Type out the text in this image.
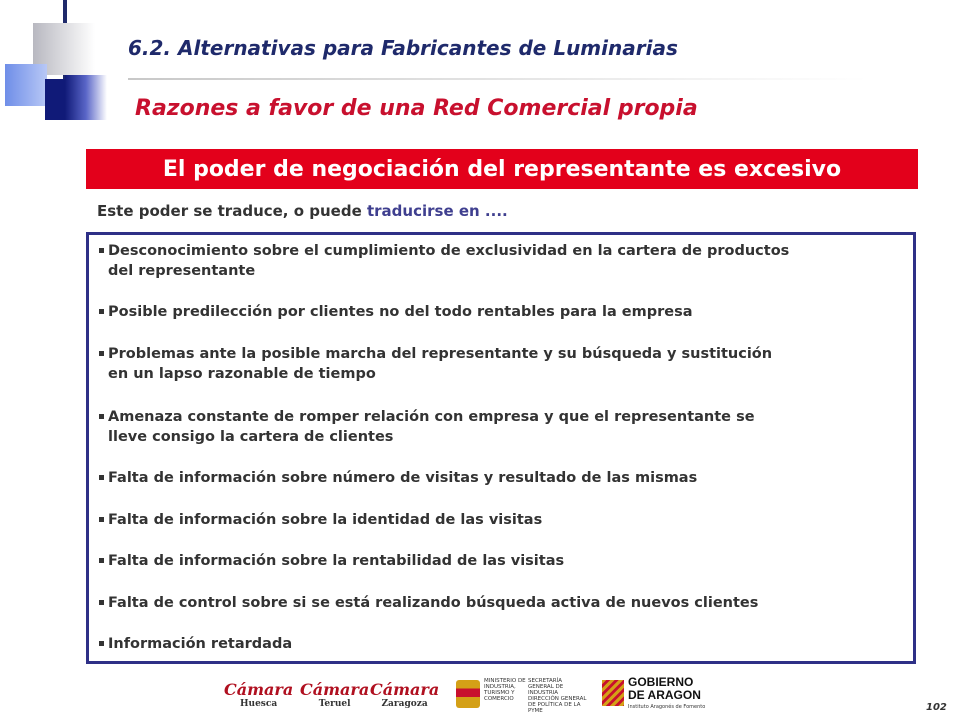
6.2. Alternativas para Fabricantes de Luminarias
Razones a favor de una Red Comercial propia
El poder de negociación del representante es excesivo
Este poder se traduce, o puede traducirse en ....
Desconocimiento sobre el cumplimiento de exclusividad en la cartera de productos
del representante
Posible predilección por clientes no del todo rentables para la empresa
Problemas ante la posible marcha del representante y su búsqueda y sustitución
en un lapso razonable de tiempo
Amenaza constante de romper relación con empresa y que el representante se
lleve consigo la cartera de clientes
Falta de información sobre número de visitas y resultado de las mismas
Falta de información sobre la identidad de las visitas
Falta de información sobre la rentabilidad de las visitas
Falta de control sobre si se está realizando búsqueda activa de nuevos clientes
Información retardada
Cámara
Huesca
Cámara
Teruel
Cámara
Zaragoza
MINISTERIO DE INDUSTRIA, TURISMO Y COMERCIO
SECRETARÍA GENERAL DE INDUSTRIA DIRECCIÓN GENERAL DE POLÍTICA DE LA PYME
GOBIERNO
DE ARAGON
Instituto Aragonés de Fomento	102
